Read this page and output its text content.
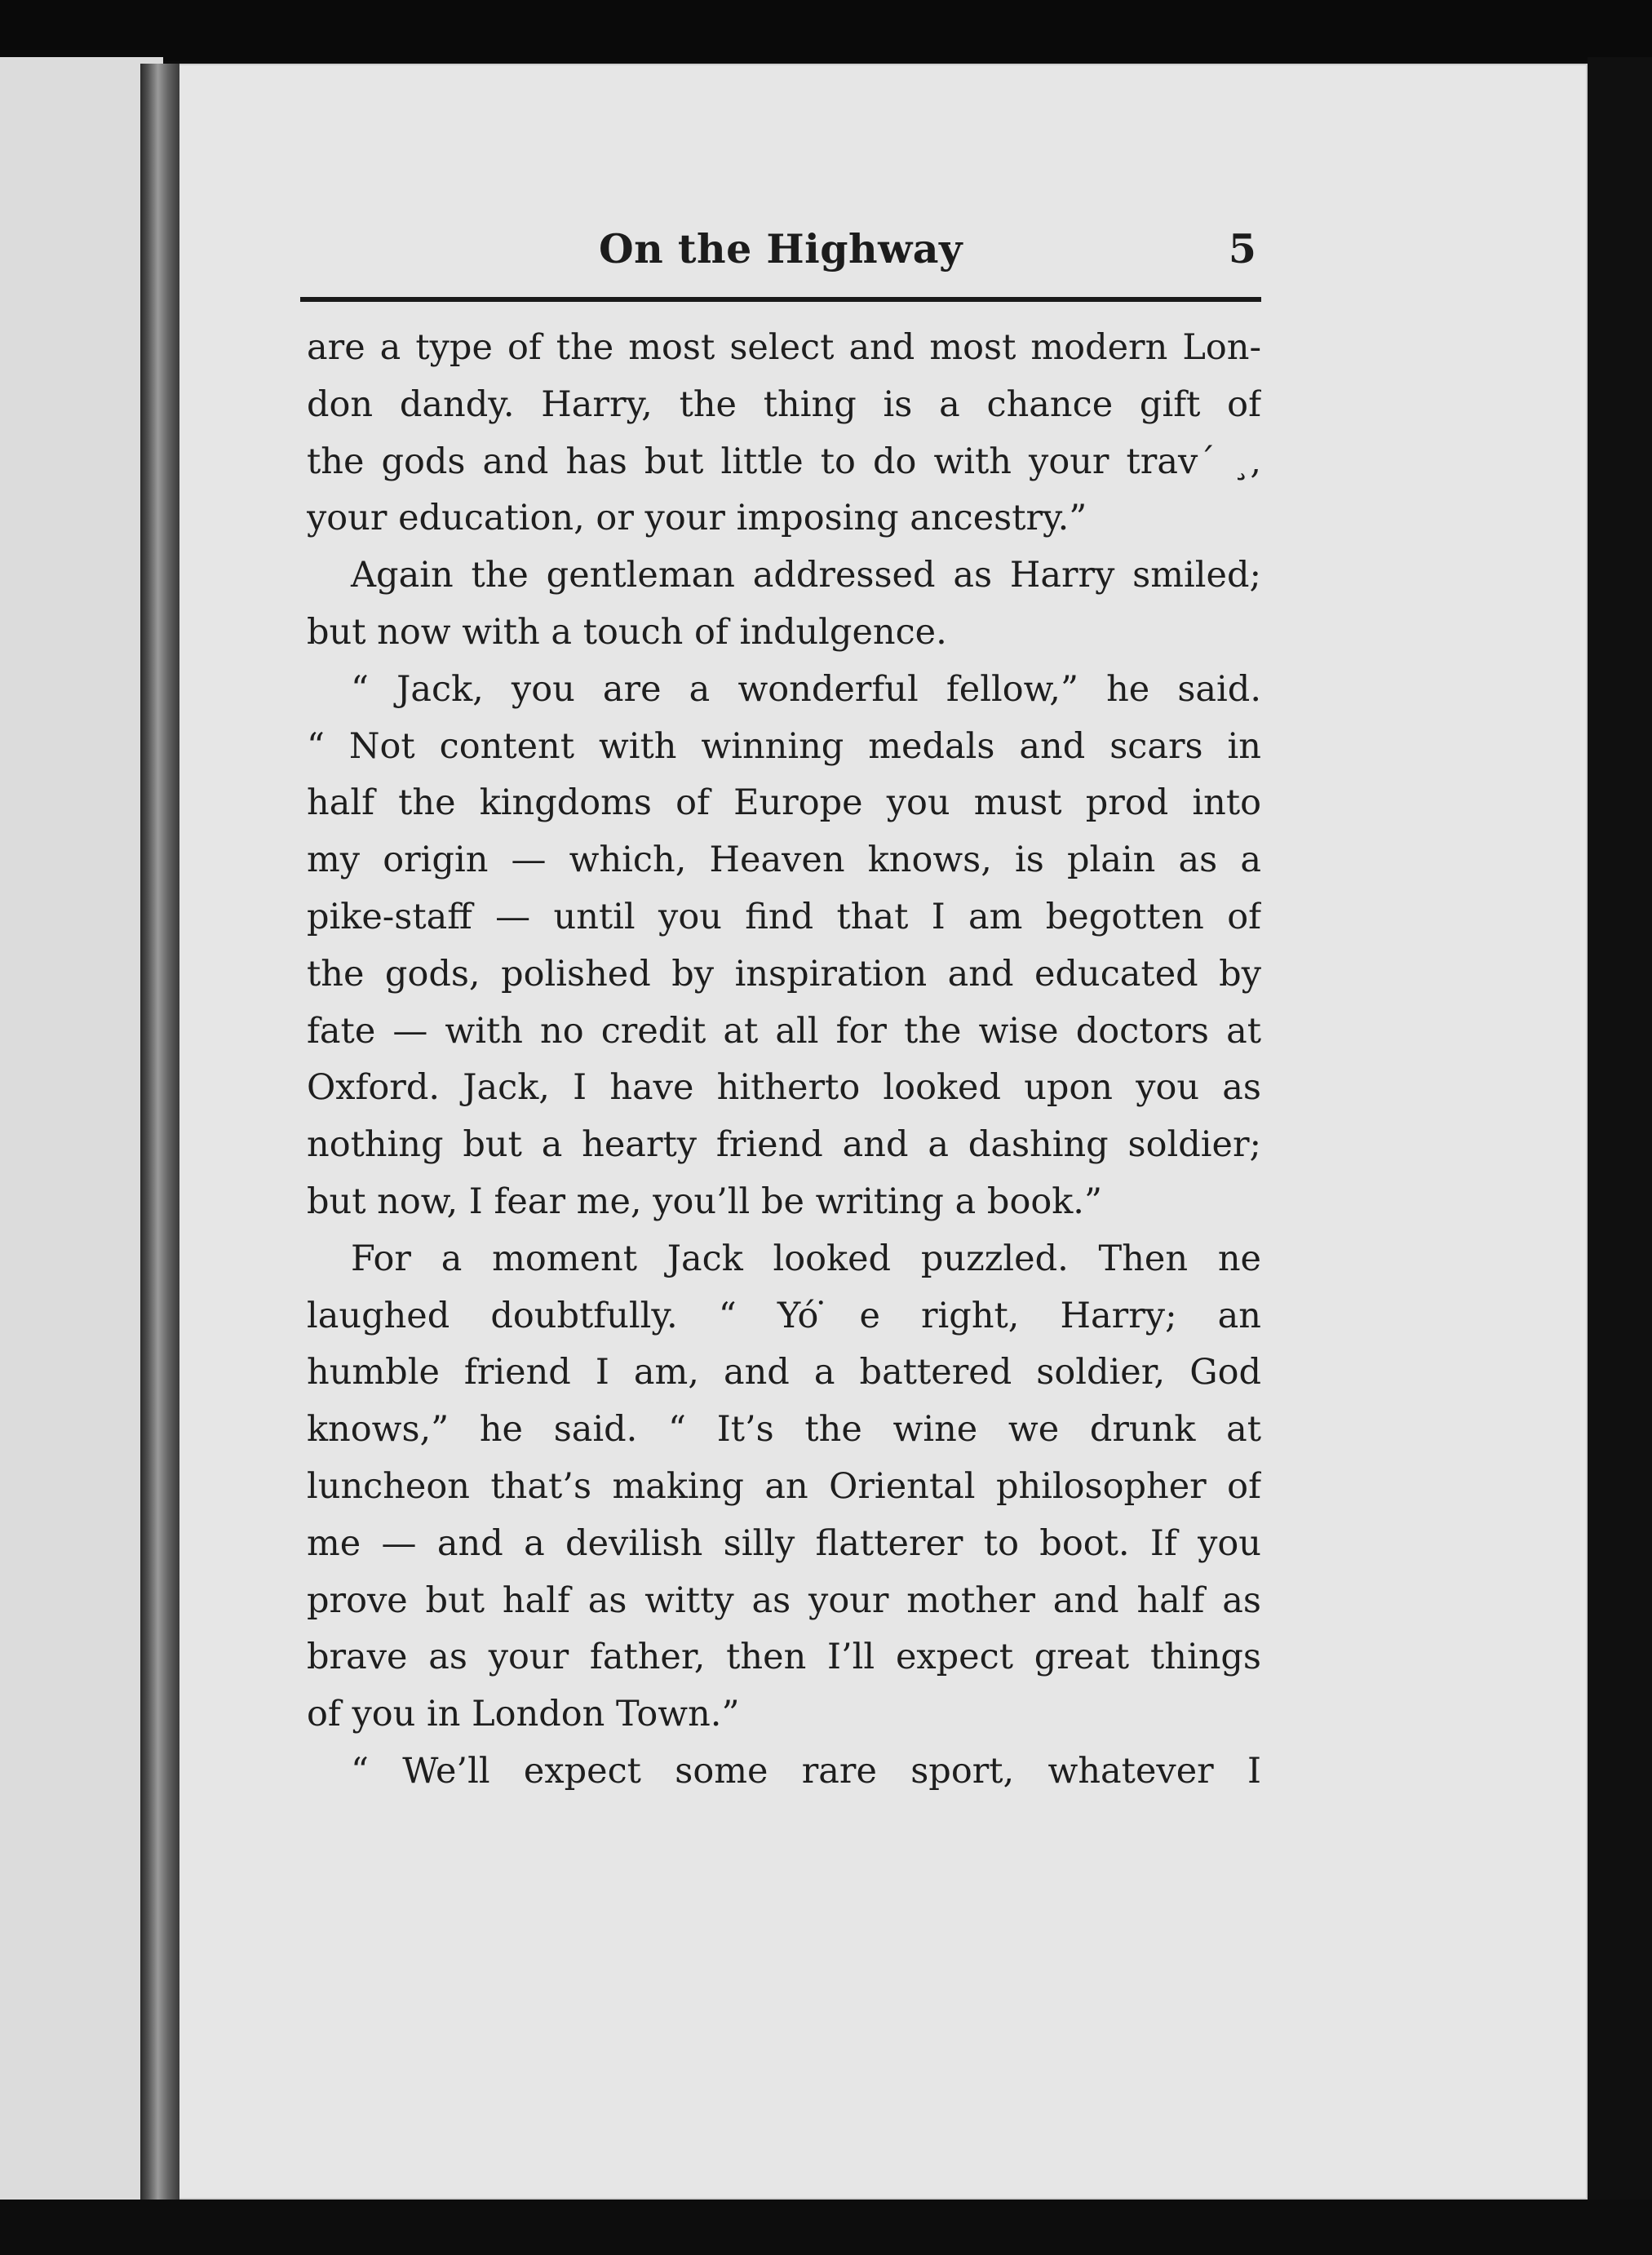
On the Highway	5
are a type of the most select and most modern Lon-
don dandy. Harry, the thing is a chance gift of
the gods and has but little to do with your trav´ ¸,
your education, or your imposing ancestry.”
Again the gentleman addressed as Harry smiled;
but now with a touch of indulgence.
“ Jack, you are a wonderful fellow,” he said.
“ Not content with winning medals and scars in
half the kingdoms of Europe you must prod into
my origin — which, Heaven knows, is plain as a
pike-staff — until you find that I am begotten of
the gods, polished by inspiration and educated by
fate — with no credit at all for the wise doctors at
Oxford. Jack, I have hitherto looked upon you as
nothing but a hearty friend and a dashing soldier;
but now, I fear me, you’ll be writing a book.”
For a moment Jack looked puzzled. Then ne
laughed doubtfully. “ Yó ̇e right, Harry; an
humble friend I am, and a battered soldier, God
knows,” he said. “ It’s the wine we drunk at
luncheon that’s making an Oriental philosopher of
me — and a devilish silly flatterer to boot. If you
prove but half as witty as your mother and half as
brave as your father, then I’ll expect great things
of you in London Town.”
“ We’ll expect some rare sport, whatever I
